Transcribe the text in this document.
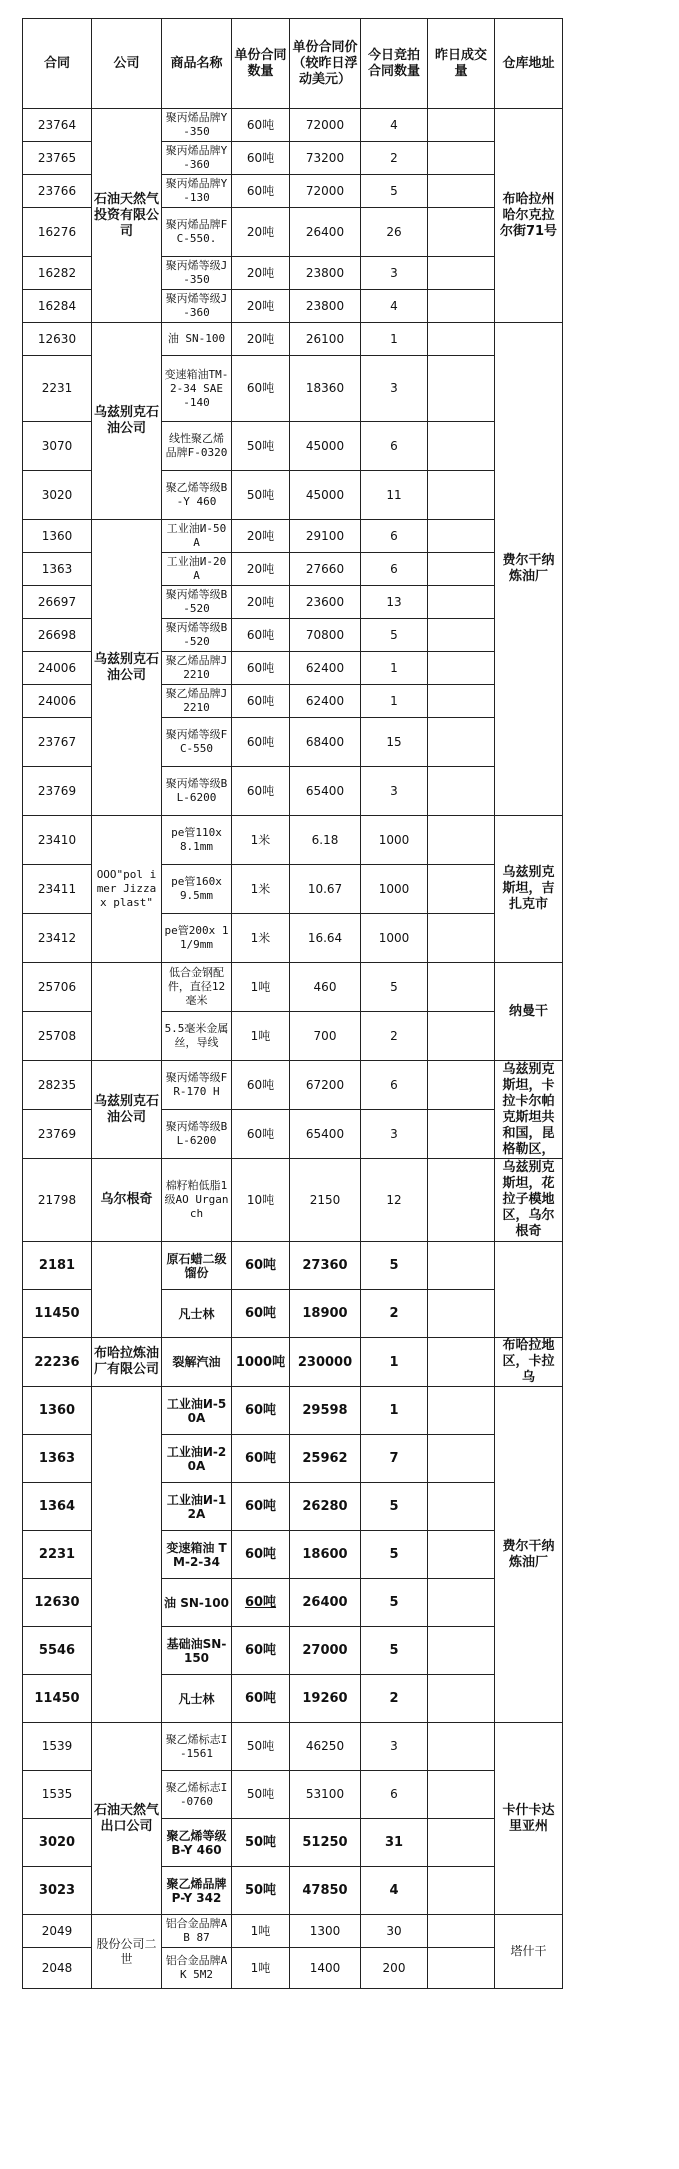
合同	公司	商品名称	单份合同数量	单份合同价（较昨日浮动美元）	今日竞拍合同数量	昨日成交量	仓库地址
23764	石油天然气投资有限公司	聚丙烯品牌Y-350	60吨	72000	4		布哈拉州 哈尔克拉尔街71号
23765		聚丙烯品牌Y-360	60吨	73200	2		
23766		聚丙烯品牌Y-130	60吨	72000	5		
16276		聚丙烯品牌FC-550.	20吨	26400	26		
16282		聚丙烯等级J-350	20吨	23800	3		
16284		聚丙烯等级J-360	20吨	23800	4		
12630	乌兹别克石油公司	油 SN-100	20吨	26100	1		费尔干纳炼油厂
2231		变速箱油TM-2-34 SAE -140	60吨	18360	3		
3070		线性聚乙烯品牌F-0320	50吨	45000	6		
3020		聚乙烯等级B-Y 460	50吨	45000	11		
1360	乌兹别克石油公司	工业油И-50А	20吨	29100	6		
1363		工业油И-20А	20吨	27660	6		
26697		聚丙烯等级B-520	20吨	23600	13		
26698		聚丙烯等级B-520	60吨	70800	5		
24006		聚乙烯品牌J2210	60吨	62400	1		
24006		聚乙烯品牌J2210	60吨	62400	1		
23767		聚丙烯等级FC-550	60吨	68400	15		
23769		聚丙烯等级BL-6200	60吨	65400	3		
23410	ООО"pol imer Jizzax plast"	pe管110х 8.1mm	1米	6.18	1000		乌兹别克斯坦，吉扎克市
23411		pe管160х 9.5mm	1米	10.67	1000		
23412		pe管200х 11/9mm	1米	16.64	1000		
25706		低合金钢配件，直径12毫米	1吨	460	5		纳曼干
25708		5.5毫米金属丝，导线	1吨	700	2		
28235	乌兹别克石油公司	聚丙烯等级FR-170 H	60吨	67200	6		乌兹别克斯坦，卡拉卡尔帕克斯坦共和国，昆格勒区，
23769		聚丙烯等级BL-6200	60吨	65400	3		
21798	乌尔根奇	棉籽粕低脂1级AO Urganch	10吨	2150	12		乌兹别克斯坦，花拉子模地区，乌尔根奇
2181		原石蜡二级馏份	60吨	27360	5		
11450		凡士林	60吨	18900	2		
22236	布哈拉炼油厂有限公司	裂解汽油	1000吨	230000	1		布哈拉地区，卡拉乌
1360		工业油И-50А	60吨	29598	1		费尔干纳炼油厂
1363		工业油И-20А	60吨	25962	7		
1364		工业油И-12А	60吨	26280	5		
2231		变速箱油 TM-2-34	60吨	18600	5		
12630		油 SN-100	60吨	26400	5		
5546		基础油SN-150	60吨	27000	5		
11450		凡士林	60吨	19260	2		
1539	石油天然气出口公司	聚乙烯标志I-1561	50吨	46250	3		卡什卡达里亚州
1535		聚乙烯标志I-0760	50吨	53100	6		
3020		聚乙烯等级B-Y 460	50吨	51250	31		
3023		聚乙烯品牌P-Y 342	50吨	47850	4		
2049	股份公司二世	铝合金品牌AB 87	1吨	1300	30		塔什干
2048		铝合金品牌AK 5M2	1吨	1400	200		
